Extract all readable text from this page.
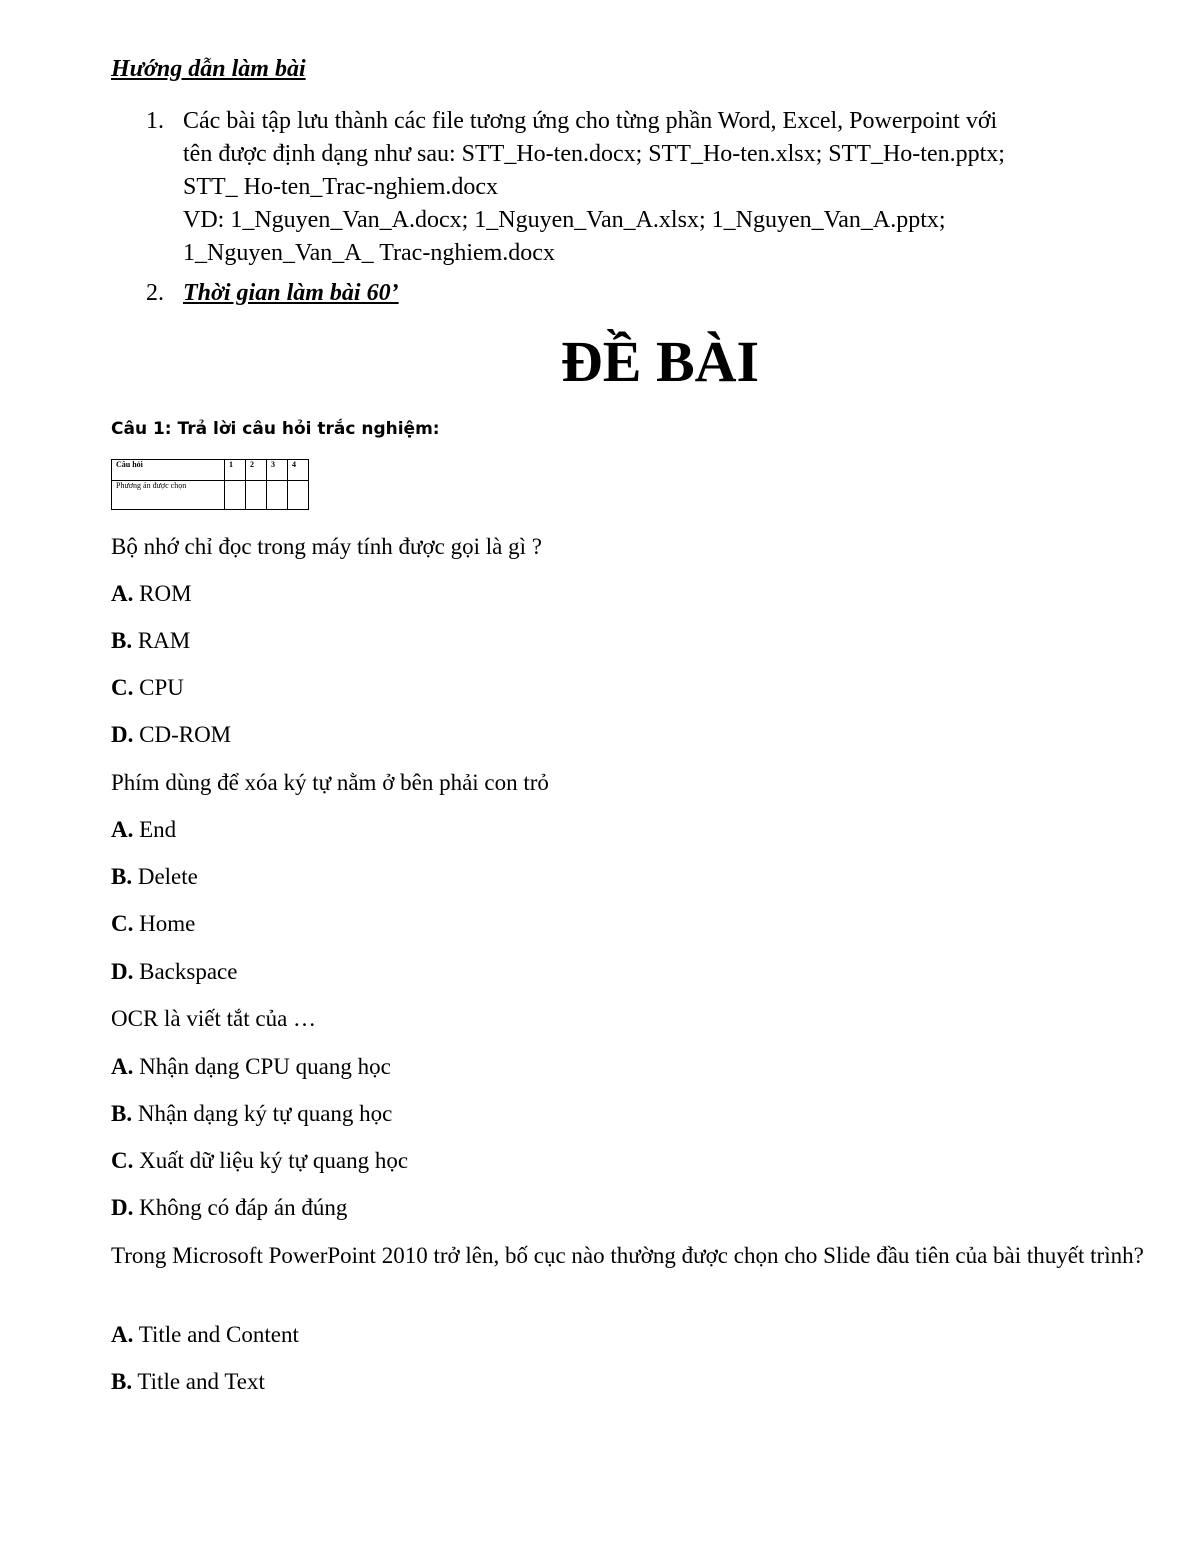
Hướng dẫn làm bài
1. Các bài tập lưu thành các file tương ứng cho từng phần Word, Excel, Powerpoint với
tên được định dạng như sau: STT_Ho-ten.docx; STT_Ho-ten.xlsx; STT_Ho-ten.pptx;
STT_ Ho-ten_Trac-nghiem.docx
VD: 1_Nguyen_Van_A.docx; 1_Nguyen_Van_A.xlsx; 1_Nguyen_Van_A.pptx;
1_Nguyen_Van_A_ Trac-nghiem.docx
2. Thời gian làm bài 60’
ĐỀ BÀI
Câu 1: Trả lời câu hỏi trắc nghiệm:
Câu hỏi	1	2	3	4
Phương án được chọn				
Bộ nhớ chỉ đọc trong máy tính được gọi là gì ?
A. ROM
B. RAM
C. CPU
D. CD-ROM
Phím dùng để xóa ký tự nằm ở bên phải con trỏ
A. End
B. Delete
C. Home
D. Backspace
OCR là viết tắt của …
A. Nhận dạng CPU quang học
B. Nhận dạng ký tự quang học
C. Xuất dữ liệu ký tự quang học
D. Không có đáp án đúng
Trong Microsoft PowerPoint 2010 trở lên, bố cục nào thường được chọn cho Slide đầu tiên của bài thuyết trình?
A. Title and Content
B. Title and Text
